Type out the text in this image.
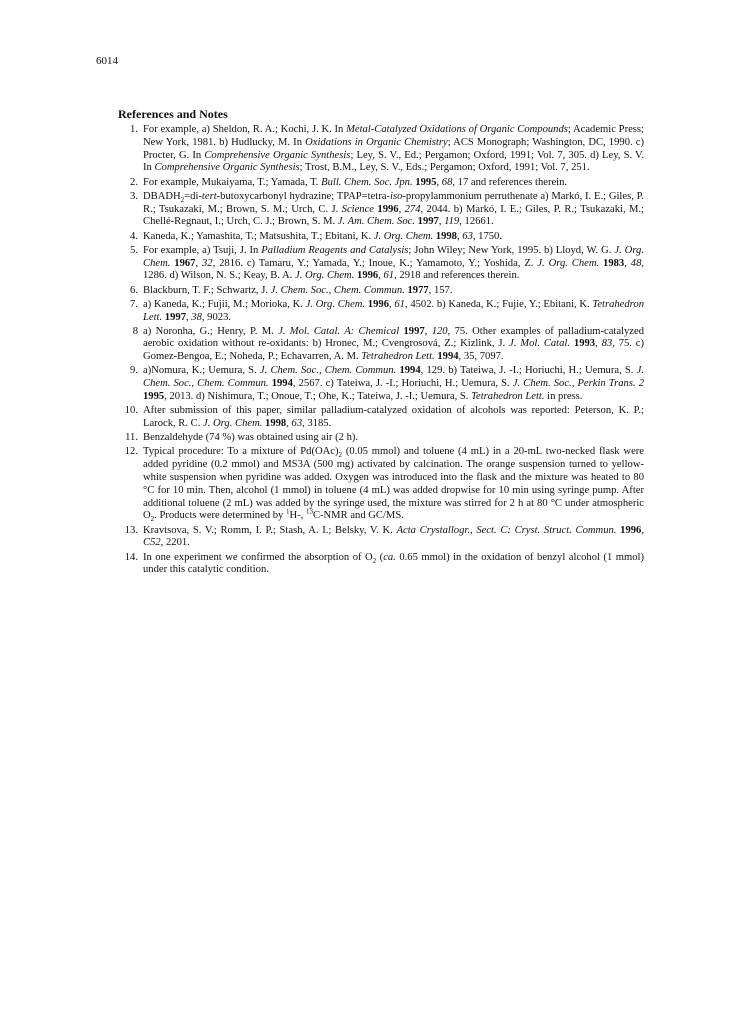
6014
References and Notes
1. For example, a) Sheldon, R. A.; Kochi, J. K. In Metal-Catalyzed Oxidations of Organic Compounds; Academic Press; New York, 1981. b) Hudlucky, M. In Oxidations in Organic Chemistry; ACS Monograph; Washington, DC, 1990. c) Procter, G. In Comprehensive Organic Synthesis; Ley, S. V., Ed.; Pergamon; Oxford, 1991; Vol. 7, 305. d) Ley, S. V. In Comprehensive Organic Synthesis; Trost, B.M., Ley, S. V., Eds.; Pergamon; Oxford, 1991; Vol. 7, 251.
2. For example, Mukaiyama, T.; Yamada, T. Bull. Chem. Soc. Jpn. 1995, 68, 17 and references therein.
3. $DBADH_2=di-tert$-butoxycarbonyl hydrazine; TPAP=tetra-iso-propylammonium perruthenate a) Markó, I. E.; Giles, P. R.; Tsukazaki, M.; Brown, S. M.; Urch, C. J. Science 1996, 274, 2044. b) Markó, I. E.; Giles, P. R.; Tsukazaki, M.; Chellé-Regnaut, I.; Urch, C. J.; Brown, S. M. J. Am. Chem. Soc. 1997, 119, 12661.
4. Kaneda, K.; Yamashita, T.; Matsushita, T.; Ebitani, K. J. Org. Chem. 1998, 63, 1750.
5. For example, a) Tsuji, J. In Palladium Reagents and Catalysis; John Wiley; New York, 1995. b) Lloyd, W. G. J. Org. Chem. 1967, 32, 2816. c) Tamaru, Y.; Yamada, Y.; Inoue, K.; Yamamoto, Y.; Yoshida, Z. J. Org. Chem. 1983, 48, 1286. d) Wilson, N. S.; Keay, B. A. J. Org. Chem. 1996, 61, 2918 and references therein.
6. Blackburn, T. F.; Schwartz, J. J. Chem. Soc., Chem. Commun. 1977, 157.
7. a) Kaneda, K.; Fujii, M.; Morioka, K. J. Org. Chem. 1996, 61, 4502. b) Kaneda, K.; Fujie, Y.; Ebitani, K. Tetrahedron Lett. 1997, 38, 9023.
8 a) Noronha, G.; Henry, P. M. J. Mol. Catal. A: Chemical 1997, 120, 75. Other examples of palladium-catalyzed aerobic oxidation without re-oxidants: b) Hronec, M.; Cvengrosová, Z.; Kizlink, J. J. Mol. Catal. 1993, 83, 75. c) Gomez-Bengoa, E.; Noheda, P.; Echavarren, A. M. Tetrahedron Lett. 1994, 35, 7097.
9. a)Nomura, K.; Uemura, S. J. Chem. Soc., Chem. Commun. 1994, 129. b) Tateiwa, J. -I.; Horiuchi, H.; Uemura, S. J. Chem. Soc., Chem. Commun. 1994, 2567. c) Tateiwa, J. -I.; Horiuchi, H.; Uemura, S. J. Chem. Soc., Perkin Trans. 2 1995, 2013. d) Nishimura, T.; Onoue, T.; Ohe, K.; Tateiwa, J. -I.; Uemura, S. Tetrahedron Lett. in press.
10. After submission of this paper, similar palladium-catalyzed oxidation of alcohols was reported: Peterson, K. P.; Larock, R. C. J. Org. Chem. 1998, 63, 3185.
11. Benzaldehyde (74 %) was obtained using air (2 h).
12. Typical procedure: To a mixture of $Pd(OAc)_2$ (0.05 mmol) and toluene (4 mL) in a 20-mL two-necked flask were added pyridine (0.2 mmol) and MS3A (500 mg) activated by calcination. The orange suspension turned to yellow-white suspension when pyridine was added. Oxygen was introduced into the flask and the mixture was heated to 80 °C for 10 min. Then, alcohol (1 mmol) in toluene (4 mL) was added dropwise for 10 min using syringe pump. After additional toluene (2 mL) was added by the syringe used, the mixture was stirred for 2 h at 80 °C under atmospheric $O_2$. Products were determined by $^1$H-, $^{13}$C-NMR and GC/MS.
13. Kravtsova, S. V.; Romm, I. P.; Stash, A. I.; Belsky, V. K. Acta Crystallogr., Sect. C: Cryst. Struct. Commun. 1996, C52, 2201.
14. In one experiment we confirmed the absorption of $O_2$ (ca. 0.65 mmol) in the oxidation of benzyl alcohol (1 mmol) under this catalytic condition.
